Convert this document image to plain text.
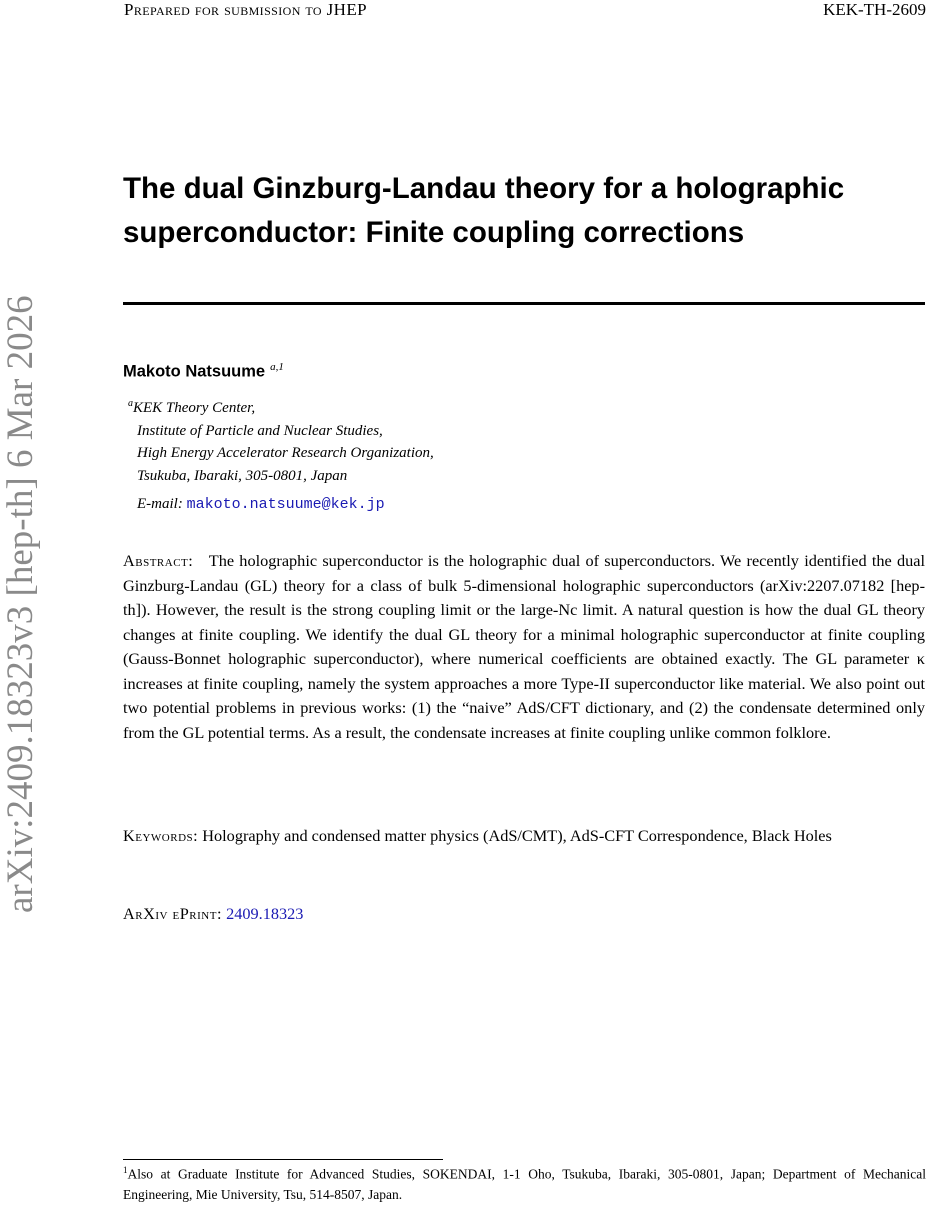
Prepared for submission to JHEP	KEK-TH-2609
arXiv:2409.18323v3 [hep-th] 6 Mar 2026
The dual Ginzburg-Landau theory for a holographic
superconductor: Finite coupling corrections
Makoto Natsuume $^{a,1}$
$^a$KEK Theory Center,
Institute of Particle and Nuclear Studies,
High Energy Accelerator Research Organization,
Tsukuba, Ibaraki, 305-0801, Japan
E-mail: makoto.natsuume@kek.jp
Abstract: The holographic superconductor is the holographic dual of superconductors. We recently identified the dual Ginzburg-Landau (GL) theory for a class of bulk 5-dimensional holographic superconductors (arXiv:2207.07182 [hep-th]). However, the result is the strong coupling limit or the large-Nc limit. A natural question is how the dual GL theory changes at finite coupling. We identify the dual GL theory for a minimal holographic superconductor at finite coupling (Gauss-Bonnet holographic superconductor), where numerical coefficients are obtained exactly. The GL parameter κ increases at finite coupling, namely the system approaches a more Type-II superconductor like material. We also point out two potential problems in previous works: (1) the “naive” AdS/CFT dictionary, and (2) the condensate determined only from the GL potential terms. As a result, the condensate increases at finite coupling unlike common folklore.
Keywords: Holography and condensed matter physics (AdS/CMT), AdS-CFT Correspondence, Black Holes
ArXiv ePrint: 2409.18323
$^1$Also at Graduate Institute for Advanced Studies, SOKENDAI, 1-1 Oho, Tsukuba, Ibaraki, 305-0801, Japan; Department of Mechanical Engineering, Mie University, Tsu, 514-8507, Japan.
